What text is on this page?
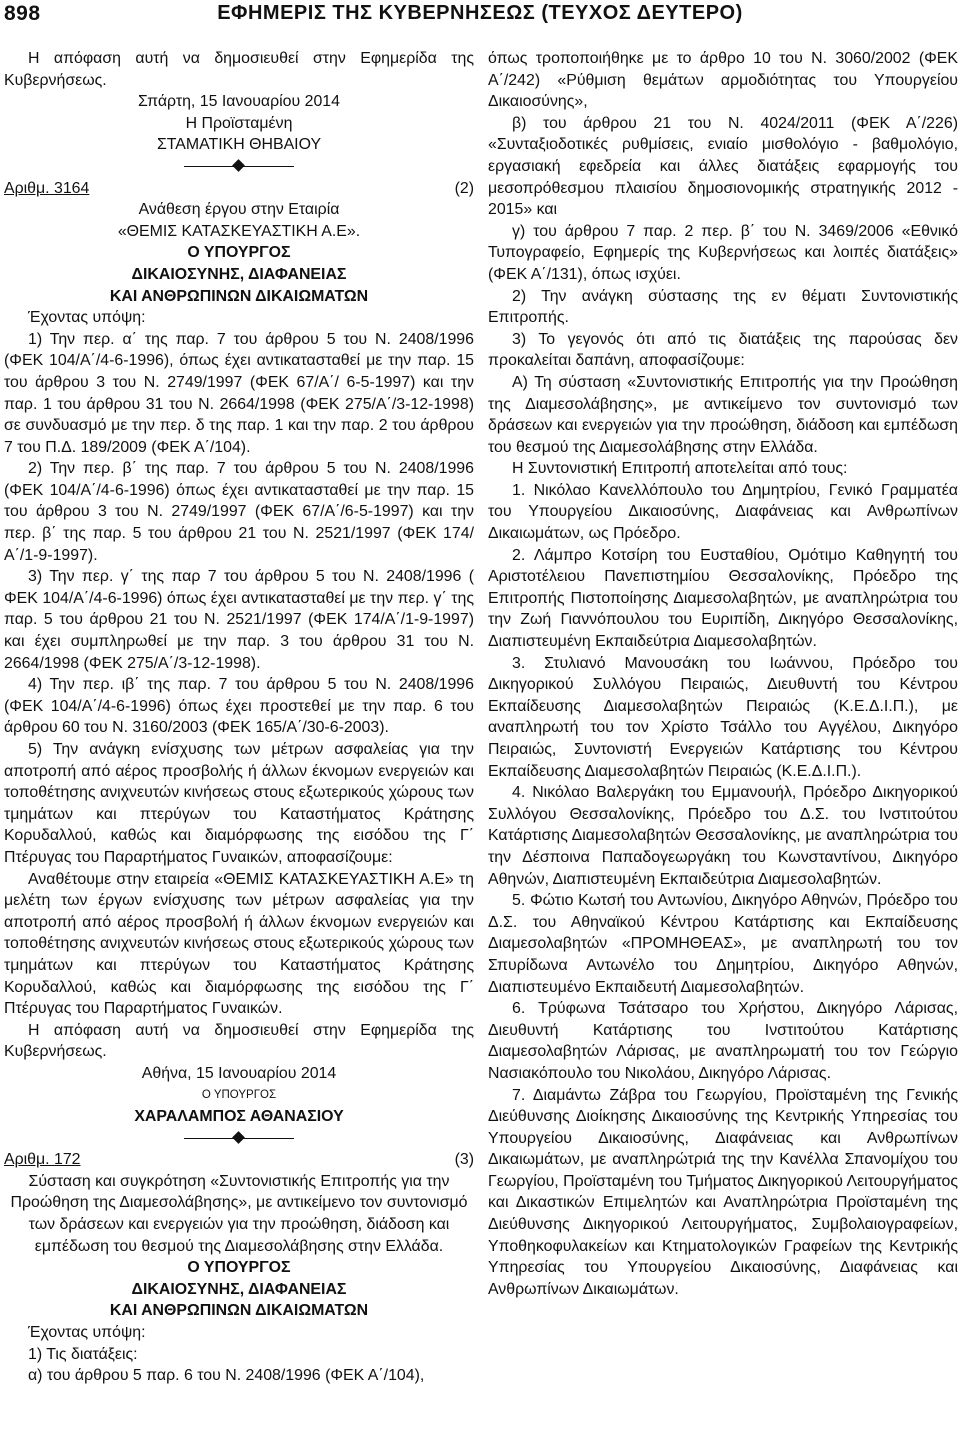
898	ΕΦΗΜΕΡΙΣ ΤΗΣ ΚΥΒΕΡΝΗΣΕΩΣ (ΤΕΥΧΟΣ ΔΕΥΤΕΡΟ)

Η απόφαση αυτή να δημοσιευθεί στην Εφημερίδα της Κυβερνήσεως.

Σπάρτη, 15 Ιανουαρίου 2014

Η Προϊσταμένη

ΣΤΑΜΑΤΙΚΗ ΘΗΒΑΙΟΥ

Αριθμ. 3164	(2)

Ανάθεση έργου στην Εταιρία

«ΘΕΜΙΣ ΚΑΤΑΣΚΕΥΑΣΤΙΚΗ Α.Ε».

Ο ΥΠΟΥΡΓΟΣ

ΔΙΚΑΙΟΣΥΝΗΣ, ΔΙΑΦΑΝΕΙΑΣ

ΚΑΙ ΑΝΘΡΩΠΙΝΩΝ ΔΙΚΑΙΩΜΑΤΩΝ

Έχοντας υπόψη:

1) Την περ. α΄ της παρ. 7 του άρθρου 5 του Ν. 2408/1996 (ΦΕΚ 104/Α΄/4-6-1996), όπως έχει αντικατασταθεί με την παρ. 15 του άρθρου 3 του Ν. 2749/1997 (ΦΕΚ 67/Α΄/ 6-5-1997) και την παρ. 1 του άρθρου 31 του Ν. 2664/1998 (ΦΕΚ 275/Α΄/3-12-1998) σε συνδυασμό με την περ. δ της παρ. 1 και την παρ. 2 του άρθρου 7 του Π.Δ. 189/2009 (ΦΕΚ Α΄/104).

2) Την περ. β΄ της παρ. 7 του άρθρου 5 του Ν. 2408/1996 (ΦΕΚ 104/Α΄/4-6-1996) όπως έχει αντικατασταθεί με την παρ. 15 του άρθρου 3 του Ν. 2749/1997 (ΦΕΚ 67/Α΄/6-5-1997) και την περ. β΄ της παρ. 5 του άρθρου 21 του Ν. 2521/1997 (ΦΕΚ 174/Α΄/1-9-1997).

3) Την περ. γ΄ της παρ 7 του άρθρου 5 του Ν. 2408/1996 ( ΦΕΚ 104/Α΄/4-6-1996) όπως έχει αντικατασταθεί με την περ. γ΄ της παρ. 5 του άρθρου 21 του Ν. 2521/1997 (ΦΕΚ 174/Α΄/1-9-1997) και έχει συμπληρωθεί με την παρ. 3 του άρθρου 31 του Ν. 2664/1998 (ΦΕΚ 275/Α΄/3-12-1998).

4) Την περ. ιβ΄ της παρ. 7 του άρθρου 5 του Ν. 2408/1996 (ΦΕΚ 104/Α΄/4-6-1996) όπως έχει προστεθεί με την παρ. 6 του άρθρου 60 του Ν. 3160/2003 (ΦΕΚ 165/Α΄/30-6-2003).

5) Την ανάγκη ενίσχυσης των μέτρων ασφαλείας για την αποτροπή από αέρος προσβολής ή άλλων έκνομων ενεργειών και τοποθέτησης ανιχνευτών κινήσεως στους εξωτερικούς χώρους των τμημάτων και πτερύγων του Καταστήματος Κράτησης Κορυδαλλού, καθώς και διαμόρφωσης της εισόδου της Γ΄ Πτέρυγας του Παραρτήματος Γυναικών, αποφασίζουμε:

Αναθέτουμε στην εταιρεία «ΘΕΜΙΣ ΚΑΤΑΣΚΕΥΑΣΤΙΚΗ Α.Ε» τη μελέτη των έργων ενίσχυσης των μέτρων ασφαλείας για την αποτροπή από αέρος προσβολή ή άλλων έκνομων ενεργειών και τοποθέτησης ανιχνευτών κινήσεως στους εξωτερικούς χώρους των τμημάτων και πτερύγων του Καταστήματος Κράτησης Κορυδαλλού, καθώς και διαμόρφωσης της εισόδου της Γ΄ Πτέρυγας του Παραρτήματος Γυναικών.

Η απόφαση αυτή να δημοσιευθεί στην Εφημερίδα της Κυβερνήσεως.

Αθήνα, 15 Ιανουαρίου 2014

Ο ΥΠΟΥΡΓΟΣ

ΧΑΡΑΛΑΜΠΟΣ ΑΘΑΝΑΣΙΟΥ

Αριθμ. 172	(3)

Σύσταση και συγκρότηση «Συντονιστικής Επιτροπής για την Προώθηση της Διαμεσολάβησης», με αντικείμενο τον συντονισμό των δράσεων και ενεργειών για την προώθηση, διάδοση και εμπέδωση του θεσμού της Διαμεσολάβησης στην Ελλάδα.

Ο ΥΠΟΥΡΓΟΣ

ΔΙΚΑΙΟΣΥΝΗΣ, ΔΙΑΦΑΝΕΙΑΣ

ΚΑΙ ΑΝΘΡΩΠΙΝΩΝ ΔΙΚΑΙΩΜΑΤΩΝ

Έχοντας υπόψη:

1) Τις διατάξεις:

α) του άρθρου 5 παρ. 6 του Ν. 2408/1996 (ΦΕΚ Α΄/104),

όπως τροποποιήθηκε με το άρθρο 10 του Ν. 3060/2002 (ΦΕΚ Α΄/242) «Ρύθμιση θεμάτων αρμοδιότητας του Υπουργείου Δικαιοσύνης»,

β) του άρθρου 21 του Ν. 4024/2011 (ΦΕΚ Α΄/226) «Συνταξιοδοτικές ρυθμίσεις, ενιαίο μισθολόγιο - βαθμολόγιο, εργασιακή εφεδρεία και άλλες διατάξεις εφαρμογής του μεσοπρόθεσμου πλαισίου δημοσιονομικής στρατηγικής 2012 - 2015» και

γ) του άρθρου 7 παρ. 2 περ. β΄ του Ν. 3469/2006 «Εθνικό Τυπογραφείο, Εφημερίς της Κυβερνήσεως και λοιπές διατάξεις» (ΦΕΚ Α΄/131), όπως ισχύει.

2) Την ανάγκη σύστασης της εν θέματι Συντονιστικής Επιτροπής.

3) Το γεγονός ότι από τις διατάξεις της παρούσας δεν προκαλείται δαπάνη, αποφασίζουμε:

Α) Τη σύσταση «Συντονιστικής Επιτροπής για την Προώθηση της Διαμεσολάβησης», με αντικείμενο τον συντονισμό των δράσεων και ενεργειών για την προώθηση, διάδοση και εμπέδωση του θεσμού της Διαμεσολάβησης στην Ελλάδα.

Η Συντονιστική Επιτροπή αποτελείται από τους:

1. Νικόλαο Κανελλόπουλο του Δημητρίου, Γενικό Γραμματέα του Υπουργείου Δικαιοσύνης, Διαφάνειας και Ανθρωπίνων Δικαιωμάτων, ως Πρόεδρο.

2. Λάμπρο Κοτσίρη του Ευσταθίου, Ομότιμο Καθηγητή του Αριστοτέλειου Πανεπιστημίου Θεσσαλονίκης, Πρόεδρο της Επιτροπής Πιστοποίησης Διαμεσολαβητών, με αναπληρώτρια του την Ζωή Γιαννόπουλου του Ευριπίδη, Δικηγόρο Θεσσαλονίκης, Διαπιστευμένη Εκπαιδεύτρια Διαμεσολαβητών.

3. Στυλιανό Μανουσάκη του Ιωάννου, Πρόεδρο του Δικηγορικού Συλλόγου Πειραιώς, Διευθυντή του Κέντρου Εκπαίδευσης Διαμεσολαβητών Πειραιώς (Κ.Ε.Δ.Ι.Π.), με αναπληρωτή του τον Χρίστο Τσάλλο του Αγγέλου, Δικηγόρο Πειραιώς, Συντονιστή Ενεργειών Κατάρτισης του Κέντρου Εκπαίδευσης Διαμεσολαβητών Πειραιώς (Κ.Ε.Δ.Ι.Π.).

4. Νικόλαο Βαλεργάκη του Εμμανουήλ, Πρόεδρο Δικηγορικού Συλλόγου Θεσσαλονίκης, Πρόεδρο του Δ.Σ. του Ινστιτούτου Κατάρτισης Διαμεσολαβητών Θεσσαλονίκης, με αναπληρώτρια του την Δέσποινα Παπαδογεωργάκη του Κωνσταντίνου, Δικηγόρο Αθηνών, Διαπιστευμένη Εκπαιδεύτρια Διαμεσολαβητών.

5. Φώτιο Κωτσή του Αντωνίου, Δικηγόρο Αθηνών, Πρόεδρο του Δ.Σ. του Αθηναϊκού Κέντρου Κατάρτισης και Εκπαίδευσης Διαμεσολαβητών «ΠΡΟΜΗΘΕΑΣ», με αναπληρωτή του τον Σπυρίδωνα Αντωνέλο του Δημητρίου, Δικηγόρο Αθηνών, Διαπιστευμένο Εκπαιδευτή Διαμεσολαβητών.

6. Τρύφωνα Τσάτσαρο του Χρήστου, Δικηγόρο Λάρισας, Διευθυντή Κατάρτισης του Ινστιτούτου Κατάρτισης Διαμεσολαβητών Λάρισας, με αναπληρωματή του τον Γεώργιο Νασιακόπουλο του Νικολάου, Δικηγόρο Λάρισας.

7. Διαμάντω Ζάβρα του Γεωργίου, Προϊσταμένη της Γενικής Διεύθυνσης Διοίκησης Δικαιοσύνης της Κεντρικής Υπηρεσίας του Υπουργείου Δικαιοσύνης, Διαφάνειας και Ανθρωπίνων Δικαιωμάτων, με αναπληρώτριά της την Κανέλλα Σπανομίχου του Γεωργίου, Προϊσταμένη του Τμήματος Δικηγορικού Λειτουργήματος και Δικαστικών Επιμελητών και Αναπληρώτρια Προϊσταμένη της Διεύθυνσης Δικηγορικού Λειτουργήματος, Συμβολαιογραφείων, Υποθηκοφυλακείων και Κτηματολογικών Γραφείων της Κεντρικής Υπηρεσίας του Υπουργείου Δικαιοσύνης, Διαφάνειας και Ανθρωπίνων Δικαιωμάτων.
